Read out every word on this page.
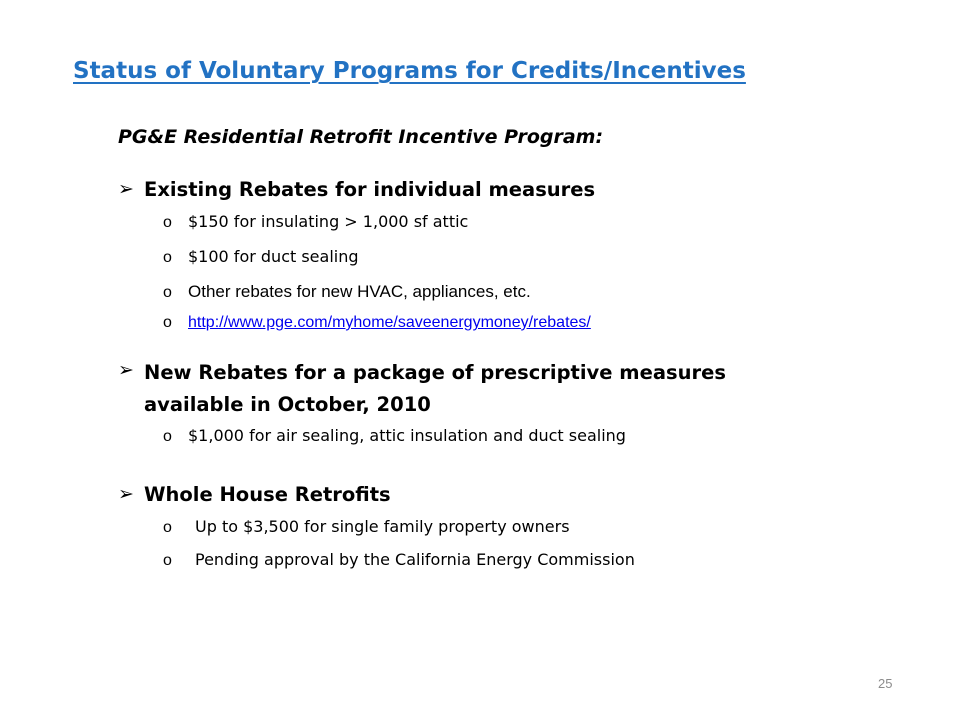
Status of Voluntary Programs for Credits/Incentives

PG&E Residential Retrofit Incentive Program:

➢ Existing Rebates for individual measures
o	$150 for insulating > 1,000 sf attic
o	$100 for duct sealing
o Other rebates for new HVAC, appliances, etc.
o	http://www.pge.com/myhome/saveenergymoney/rebates/
➢ New Rebates for a package of prescriptive measures
available in October, 2010
o	$1,000 for air sealing, attic insulation and duct sealing
➢ Whole House Retrofits
o	Up to $3,500 for single family property owners
o	Pending approval by the California Energy Commission
25
